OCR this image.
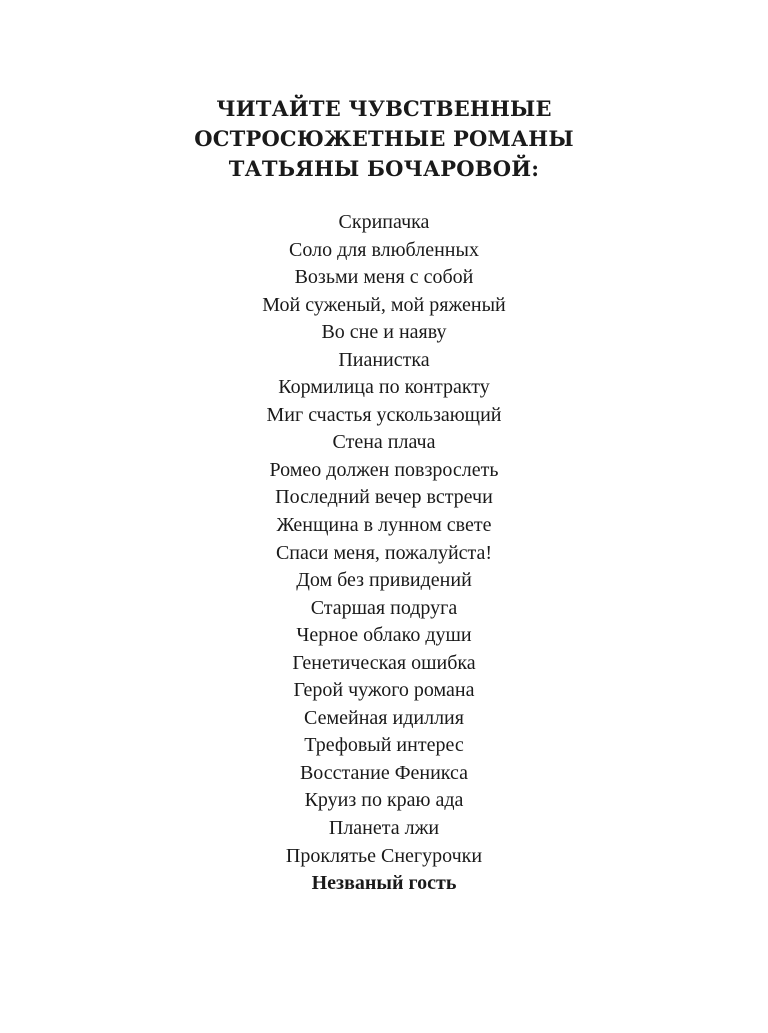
ЧИТАЙТЕ ЧУВСТВЕННЫЕ
ОСТРОСЮЖЕТНЫЕ РОМАНЫ
ТАТЬЯНЫ БОЧАРОВОЙ:
Скрипачка
Соло для влюбленных
Возьми меня с собой
Мой суженый, мой ряженый
Во сне и наяву
Пианистка
Кормилица по контракту
Миг счастья ускользающий
Стена плача
Ромео должен повзрослеть
Последний вечер встречи
Женщина в лунном свете
Спаси меня, пожалуйста!
Дом без привидений
Старшая подруга
Черное облако души
Генетическая ошибка
Герой чужого романа
Семейная идиллия
Трефовый интерес
Восстание Феникса
Круиз по краю ада
Планета лжи
Проклятье Снегурочки
Незваный гость
